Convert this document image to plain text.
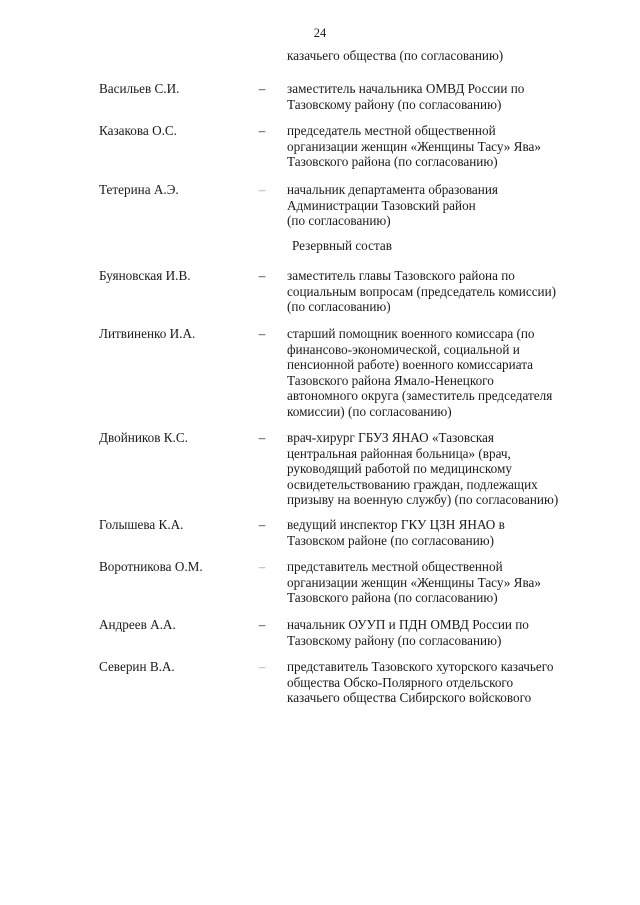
24
казачьего общества (по согласованию)
Васильев С.И.	– заместитель начальника ОМВД России по
Тазовскому району (по согласованию)
Казакова О.С.	– председатель местной общественной
организации женщин «Женщины Тасу» Ява»
Тазовского района (по согласованию)
Тетерина А.Э.	– начальник департамента образования
Администрации Тазовский район
(по согласованию)
Резервный состав
Буяновская И.В.	– заместитель главы Тазовского района по
социальным вопросам (председатель комиссии)
(по согласованию)
Литвиненко И.А.	– старший помощник военного комиссара (по
финансово-экономической, социальной и
пенсионной работе) военного комиссариата
Тазовского района Ямало-Ненецкого
автономного округа (заместитель председателя
комиссии) (по согласованию)
Двойников К.С.	– врач-хирург ГБУЗ ЯНАО «Тазовская
центральная районная больница» (врач,
руководящий работой по медицинскому
освидетельствованию граждан, подлежащих
призыву на военную службу) (по согласованию)
Голышева К.А.	– ведущий инспектор ГКУ ЦЗН ЯНАО в
Тазовском районе (по согласованию)
Воротникова О.М.	– представитель местной общественной
организации женщин «Женщины Тасу» Ява»
Тазовского района (по согласованию)
Андреев А.А.	– начальник ОУУП и ПДН ОМВД России по
Тазовскому району (по согласованию)
Северин В.А.	– представитель Тазовского хуторского казачьего
общества Обско-Полярного отдельского
казачьего общества Сибирского войскового
